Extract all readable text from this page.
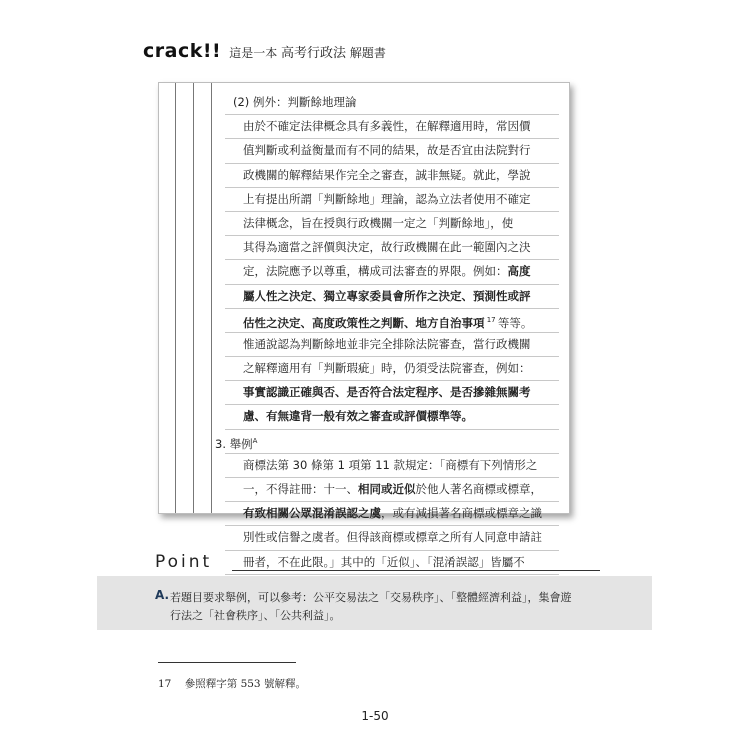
crack!! 這是一本 高考行政法 解題書
(2) 例外：判斷餘地理論
由於不確定法律概念具有多義性，在解釋適用時，常因價
值判斷或利益衡量而有不同的結果，故是否宜由法院對行
政機關的解釋結果作完全之審查，誠非無疑。就此，學說
上有提出所謂「判斷餘地」理論，認為立法者使用不確定
法律概念，旨在授與行政機關一定之「判斷餘地」，使
其得為適當之評價與決定，故行政機關在此一範圍內之決
定，法院應予以尊重，構成司法審查的界限。例如：高度
屬人性之決定、獨立專家委員會所作之決定、預測性或評
估性之決定、高度政策性之判斷、地方自治事項 $^{17}$ 等等。
惟通說認為判斷餘地並非完全排除法院審查，當行政機關
之解釋適用有「判斷瑕疵」時，仍須受法院審查，例如：
事實認識正確與否、是否符合法定程序、是否摻雜無關考
慮、有無違背一般有效之審查或評價標準等。
3. 舉例$^A$
商標法第 30 條第 1 項第 11 款規定：「商標有下列情形之
一，不得註冊：十一、相同或近似於他人著名商標或標章，
有致相關公眾混淆誤認之虞，或有減損著名商標或標章之識
別性或信譽之虞者。但得該商標或標章之所有人同意申請註
冊者，不在此限。」其中的「近似」、「混淆誤認」皆屬不
Point
A. 若題目要求舉例，可以參考：公平交易法之「交易秩序」、「整體經濟利益」，集會遊
行法之「社會秩序」、「公共利益」。
17 參照釋字第 553 號解釋。
1-50
